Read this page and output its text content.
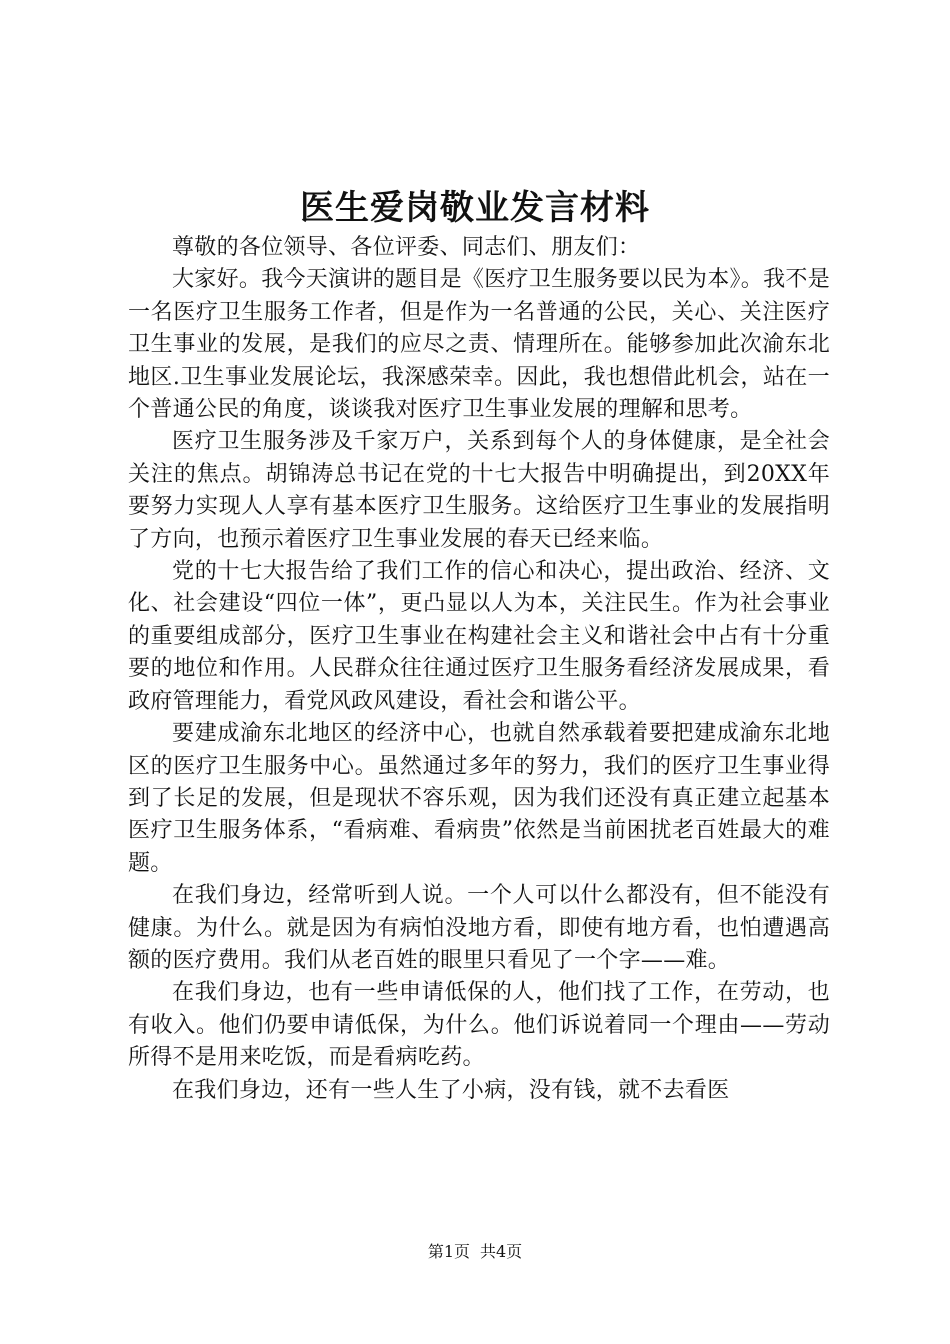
医生爱岗敬业发言材料

尊敬的各位领导、各位评委、同志们、朋友们：

大家好。我今天演讲的题目是《医疗卫生服务要以民为本》。我不是一名医疗卫生服务工作者，但是作为一名普通的公民，关心、关注医疗卫生事业的发展，是我们的应尽之责、情理所在。能够参加此次渝东北地区.卫生事业发展论坛，我深感荣幸。因此，我也想借此机会，站在一个普通公民的角度，谈谈我对医疗卫生事业发展的理解和思考。

医疗卫生服务涉及千家万户，关系到每个人的身体健康，是全社会关注的焦点。胡锦涛总书记在党的十七大报告中明确提出，到20XX年要努力实现人人享有基本医疗卫生服务。这给医疗卫生事业的发展指明了方向，也预示着医疗卫生事业发展的春天已经来临。

党的十七大报告给了我们工作的信心和决心，提出政治、经济、文化、社会建设“四位一体”，更凸显以人为本，关注民生。作为社会事业的重要组成部分，医疗卫生事业在构建社会主义和谐社会中占有十分重要的地位和作用。人民群众往往通过医疗卫生服务看经济发展成果，看政府管理能力，看党风政风建设，看社会和谐公平。

要建成渝东北地区的经济中心，也就自然承载着要把建成渝东北地区的医疗卫生服务中心。虽然通过多年的努力，我们的医疗卫生事业得到了长足的发展，但是现状不容乐观，因为我们还没有真正建立起基本医疗卫生服务体系，“看病难、看病贵”依然是当前困扰老百姓最大的难题。

在我们身边，经常听到人说。一个人可以什么都没有，但不能没有健康。为什么。就是因为有病怕没地方看，即使有地方看，也怕遭遇高额的医疗费用。我们从老百姓的眼里只看见了一个字——难。

在我们身边，也有一些申请低保的人，他们找了工作，在劳动，也有收入。他们仍要申请低保，为什么。他们诉说着同一个理由——劳动所得不是用来吃饭，而是看病吃药。

在我们身边，还有一些人生了小病，没有钱，就不去看医

第1页 共4页
